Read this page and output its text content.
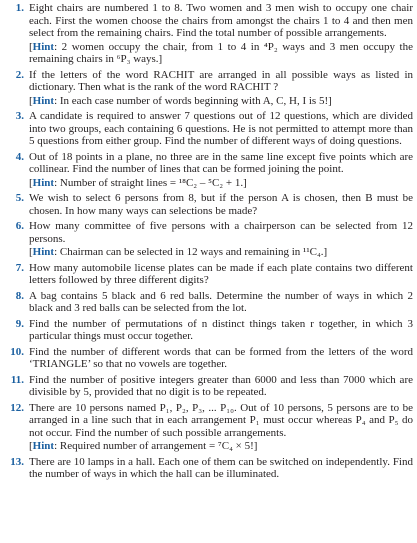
1. Eight chairs are numbered 1 to 8. Two women and 3 men wish to occupy one chair each. First the women choose the chairs from amongst the chairs 1 to 4 and then men select from the remaining chairs. Find the total number of possible arrangements.
[Hint: 2 women occupy the chair, from 1 to 4 in ⁴P₂ ways and 3 men occupy the remaining chairs in ⁶P₃ ways.]
2. If the letters of the word RACHIT are arranged in all possible ways as listed in dictionary. Then what is the rank of the word RACHIT ?
[Hint: In each case number of words beginning with A, C, H, I is 5!]
3. A candidate is required to answer 7 questions out of 12 questions, which are divided into two groups, each containing 6 questions. He is not permitted to attempt more than 5 questions from either group. Find the number of different ways of doing questions.
4. Out of 18 points in a plane, no three are in the same line except five points which are collinear. Find the number of lines that can be formed joining the point.
[Hint: Number of straight lines = ¹⁸C₂ – ⁵C₂ + 1.]
5. We wish to select 6 persons from 8, but if the person A is chosen, then B must be chosen. In how many ways can selections be made?
6. How many committee of five persons with a chairperson can be selected from 12 persons.
[Hint: Chairman can be selected in 12 ways and remaining in ¹¹C₄.]
7. How many automobile license plates can be made if each plate contains two different letters followed by three different digits?
8. A bag contains 5 black and 6 red balls. Determine the number of ways in which 2 black and 3 red balls can be selected from the lot.
9. Find the number of permutations of n distinct things taken r together, in which 3 particular things must occur together.
10. Find the number of different words that can be formed from the letters of the word ‘TRIANGLE’ so that no vowels are together.
11. Find the number of positive integers greater than 6000 and less than 7000 which are divisible by 5, provided that no digit is to be repeated.
12. There are 10 persons named P₁, P₂, P₃, ... P₁₀. Out of 10 persons, 5 persons are to be arranged in a line such that in each arrangement P₁ must occur whereas P₄ and P₅ do not occur. Find the number of such possible arrangements.
[Hint: Required number of arrangement = ⁷C₄ × 5!]
13. There are 10 lamps in a hall. Each one of them can be switched on independently. Find the number of ways in which the hall can be illuminated.
